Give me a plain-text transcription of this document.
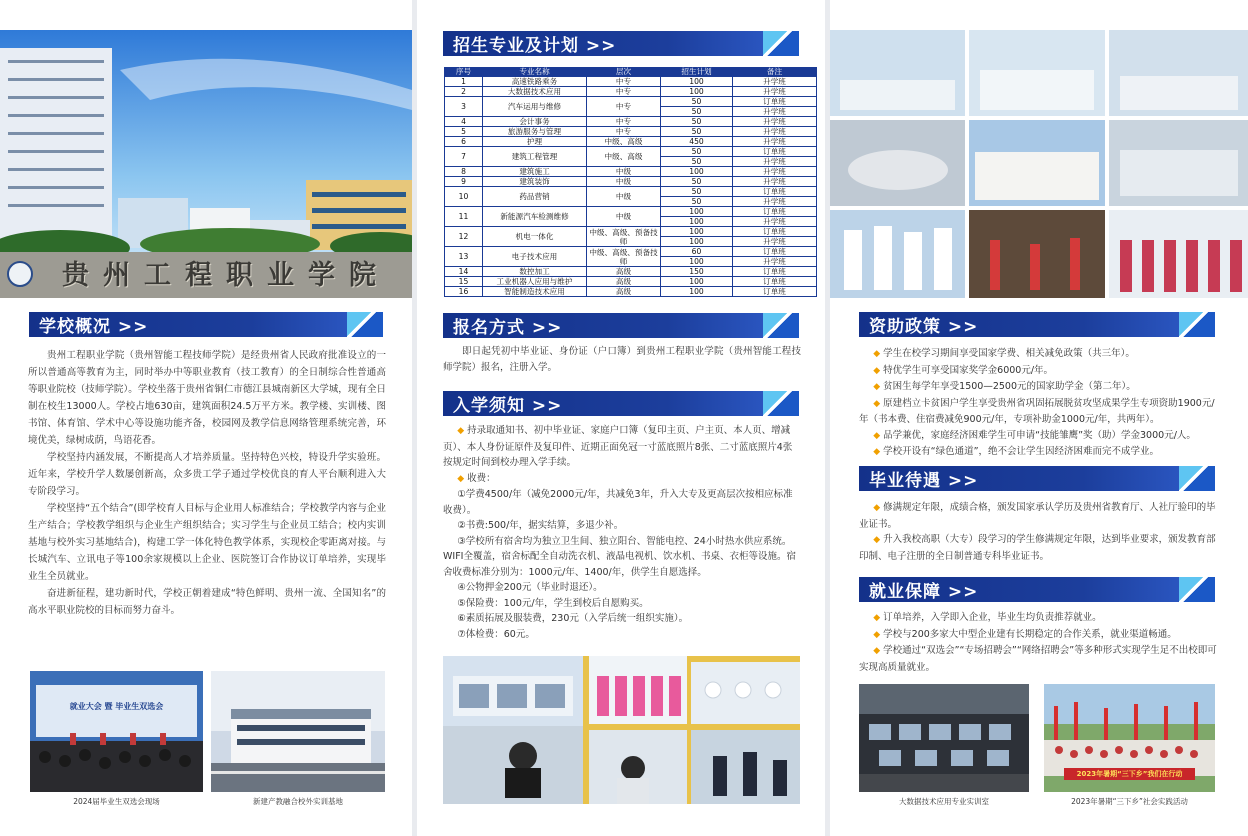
贵州工程职业学院
学校概况 >>

贵州工程职业学院（贵州智能工程技师学院）是经贵州省人民政府批准设立的一所以普通高等教育为主，同时举办中等职业教育（技工教育）的全日制综合性普通高等职业院校（技师学院）。学校坐落于贵州省铜仁市德江县城南新区大学城，现有全日制在校生13000人。学校占地630亩，建筑面积24.5万平方米。教学楼、实训楼、图书馆、体育馆、学术中心等设施功能齐备，校园网及教学信息网络管理系统完善，环境优美，绿树成荫，鸟语花香。

学校坚持内涵发展，不断提高人才培养质量。坚持特色兴校，特设升学实验班。近年来，学校升学人数屡创新高，众多贵工学子通过学校优良的育人平台顺利进入大专阶段学习。

学校坚持“五个结合”(即学校育人目标与企业用人标准结合；学校教学内容与企业生产结合；学校教学组织与企业生产组织结合；实习学生与企业员工结合；校内实训基地与校外实习基地结合)，构建工学一体化特色教学体系，实现校企零距离对接。与长城汽车、立讯电子等100余家规模以上企业、医院签订合作协议订单培养，实现毕业生全员就业。

奋进新征程，建功新时代，学校正朝着建成“特色鲜明、贵州一流、全国知名”的高水平职业院校的目标而努力奋斗。

就业大会 暨 毕业生双选会
2024届毕业生双选会现场	新建产教融合校外实训基地
招生专业及计划 >>
序号	专业名称	层次	招生计划	备注
1	高速铁路乘务	中专	100	升学班
2	大数据技术应用	中专	100	升学班
3	汽车运用与维修	中专	50	订单班
			50	升学班
4	会计事务	中专	50	升学班
5	旅游服务与管理	中专	50	升学班
6	护理	中级、高级	450	升学班
7	建筑工程管理	中级、高级	50	订单班
			50	升学班
8	建筑施工	中级	100	升学班
9	建筑装饰	中级	50	升学班
10	药品营销	中级	50	订单班
			50	升学班
11	新能源汽车检测维修	中级	100	订单班
			100	升学班
12	机电一体化	中级、高级、预备技师	100	订单班
			100	升学班
13	电子技术应用	中级、高级、预备技师	60	订单班
			100	升学班
14	数控加工	高级	150	订单班
15	工业机器人应用与维护	高级	100	订单班
16	智能制造技术应用	高级	100	订单班
报名方式 >>

即日起凭初中毕业证、身份证（户口簿）到贵州工程职业学院（贵州智能工程技师学院）报名，注册入学。

入学须知 >>

◆ 持录取通知书、初中毕业证、家庭户口簿（复印主页、户主页、本人页、增减页）、本人身份证原件及复印件、近期正面免冠一寸蓝底照片8张、二寸蓝底照片4张按规定时间到校办理入学手续。

◆ 收费：

①学费4500/年（减免2000元/年，共减免3年，升入大专及更高层次按相应标准收费）。

②书费:500/年，据实结算，多退少补。

③学校所有宿舍均为独立卫生间、独立阳台、智能电控、24小时热水供应系统。WIFI全覆盖，宿舍标配全自动洗衣机、液晶电视机、饮水机、书桌、衣柜等设施。宿舍收费标准分别为：1000元/年、1400/年，供学生自愿选择。

④公物押金200元（毕业时退还）。

⑤保险费：100元/年，学生到校后自愿购买。

⑥素质拓展及服装费，230元（入学后统一组织实施）。

⑦体检费：60元。

资助政策 >>

◆ 学生在校学习期间享受国家学费、相关减免政策（共三年）。

◆ 特优学生可享受国家奖学金6000元/年。

◆ 贫困生每学年享受1500—2500元的国家助学金（第二年）。

◆ 原建档立卡贫困户学生享受贵州省巩固拓展脱贫攻坚成果学生专项资助1900元/年（书本费、住宿费减免900元/年，专项补助金1000元/年，共两年）。

◆ 品学兼优，家庭经济困难学生可申请“技能雏鹰”奖（助）学金3000元/人。

◆ 学校开设有“绿色通道”，绝不会让学生因经济困难而完不成学业。

毕业待遇 >>

◆ 修满规定年限，成绩合格，颁发国家承认学历及贵州省教育厅、人社厅验印的毕业证书。

◆ 升入我校高职（大专）段学习的学生修满规定年限，达到毕业要求，颁发教育部印制、电子注册的全日制普通专科毕业证书。

就业保障 >>

◆ 订单培养，入学即入企业，毕业生均负责推荐就业。

◆ 学校与200多家大中型企业建有长期稳定的合作关系，就业渠道畅通。

◆ 学校通过“双选会”“专场招聘会”“网络招聘会”等多种形式实现学生足不出校即可实现高质量就业。

2023年暑期“三下乡”我们在行动
大数据技术应用专业实训室	2023年暑期“三下乡”社会实践活动
